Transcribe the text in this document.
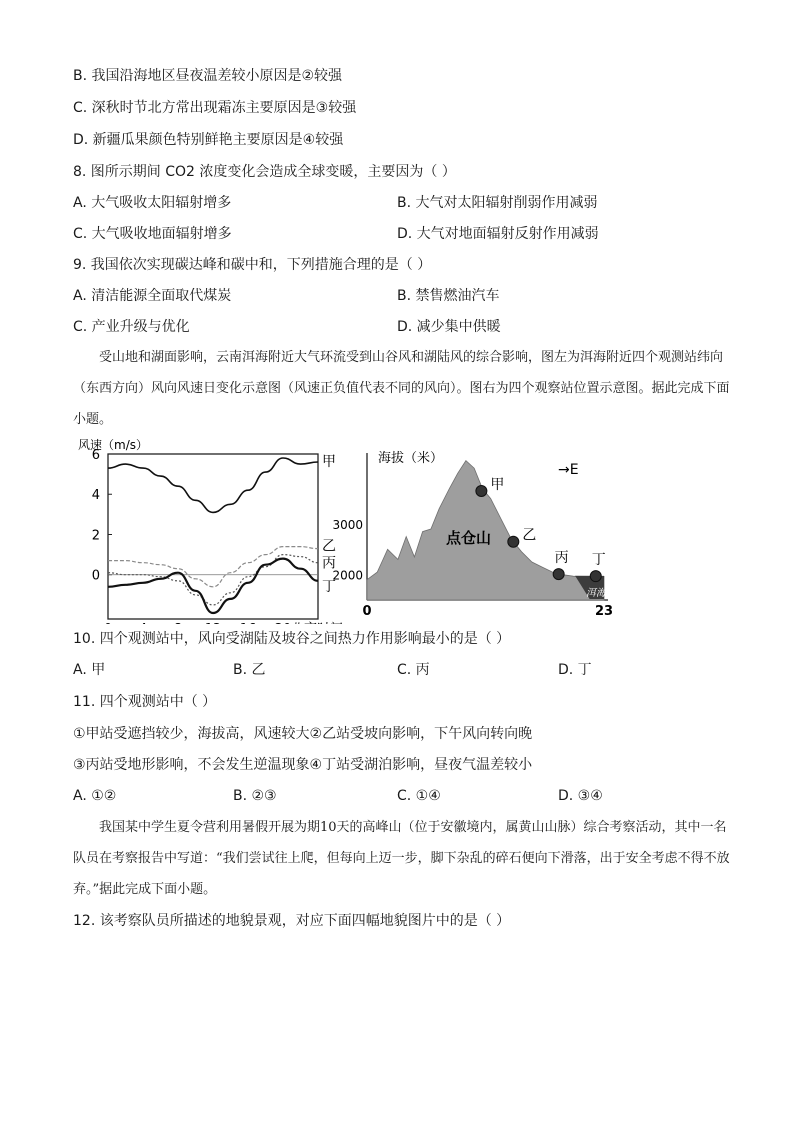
B. 我国沿海地区昼夜温差较小原因是②较强
C. 深秋时节北方常出现霜冻主要原因是③较强
D. 新疆瓜果颜色特别鲜艳主要原因是④较强
8. 图所示期间 CO2 浓度变化会造成全球变暖，主要因为（ ）
A. 大气吸收太阳辐射增多	B. 大气对太阳辐射削弱作用减弱
C. 大气吸收地面辐射增多	D. 大气对地面辐射反射作用减弱
9. 我国依次实现碳达峰和碳中和，下列措施合理的是（ ）
A. 清洁能源全面取代煤炭	B. 禁售燃油汽车
C. 产业升级与优化	D. 减少集中供暖
受山地和湖面影响，云南洱海附近大气环流受到山谷风和湖陆风的综合影响，图左为洱海附近四个观测站纬向（东西方向）风向风速日变化示意图（风速正负值代表不同的风向）。图右为四个观察站位置示意图。据此完成下面小题。
风速（m/s）
6
4
2
0
甲
乙
丙
丁
海拔（米）
3000
2000
洱海
点仓山
→E
甲
乙
丙 丁
0	23
10. 四个观测站中，风向受湖陆及坡谷之间热力作用影响最小的是（ ）
A. 甲	B. 乙	C. 丙	D. 丁
11. 四个观测站中（ ）
①甲站受遮挡较少，海拔高，风速较大②乙站受坡向影响，下午风向转向晚
③丙站受地形影响，不会发生逆温现象④丁站受湖泊影响，昼夜气温差较小
A. ①②	B. ②③	C. ①④	D. ③④
我国某中学生夏令营利用暑假开展为期10天的高峰山（位于安徽境内，属黄山山脉）综合考察活动，其中一名队员在考察报告中写道：“我们尝试往上爬，但每向上迈一步，脚下杂乱的碎石便向下滑落，出于安全考虑不得不放弃。”据此完成下面小题。
12. 该考察队员所描述的地貌景观，对应下面四幅地貌图片中的是（ ）
